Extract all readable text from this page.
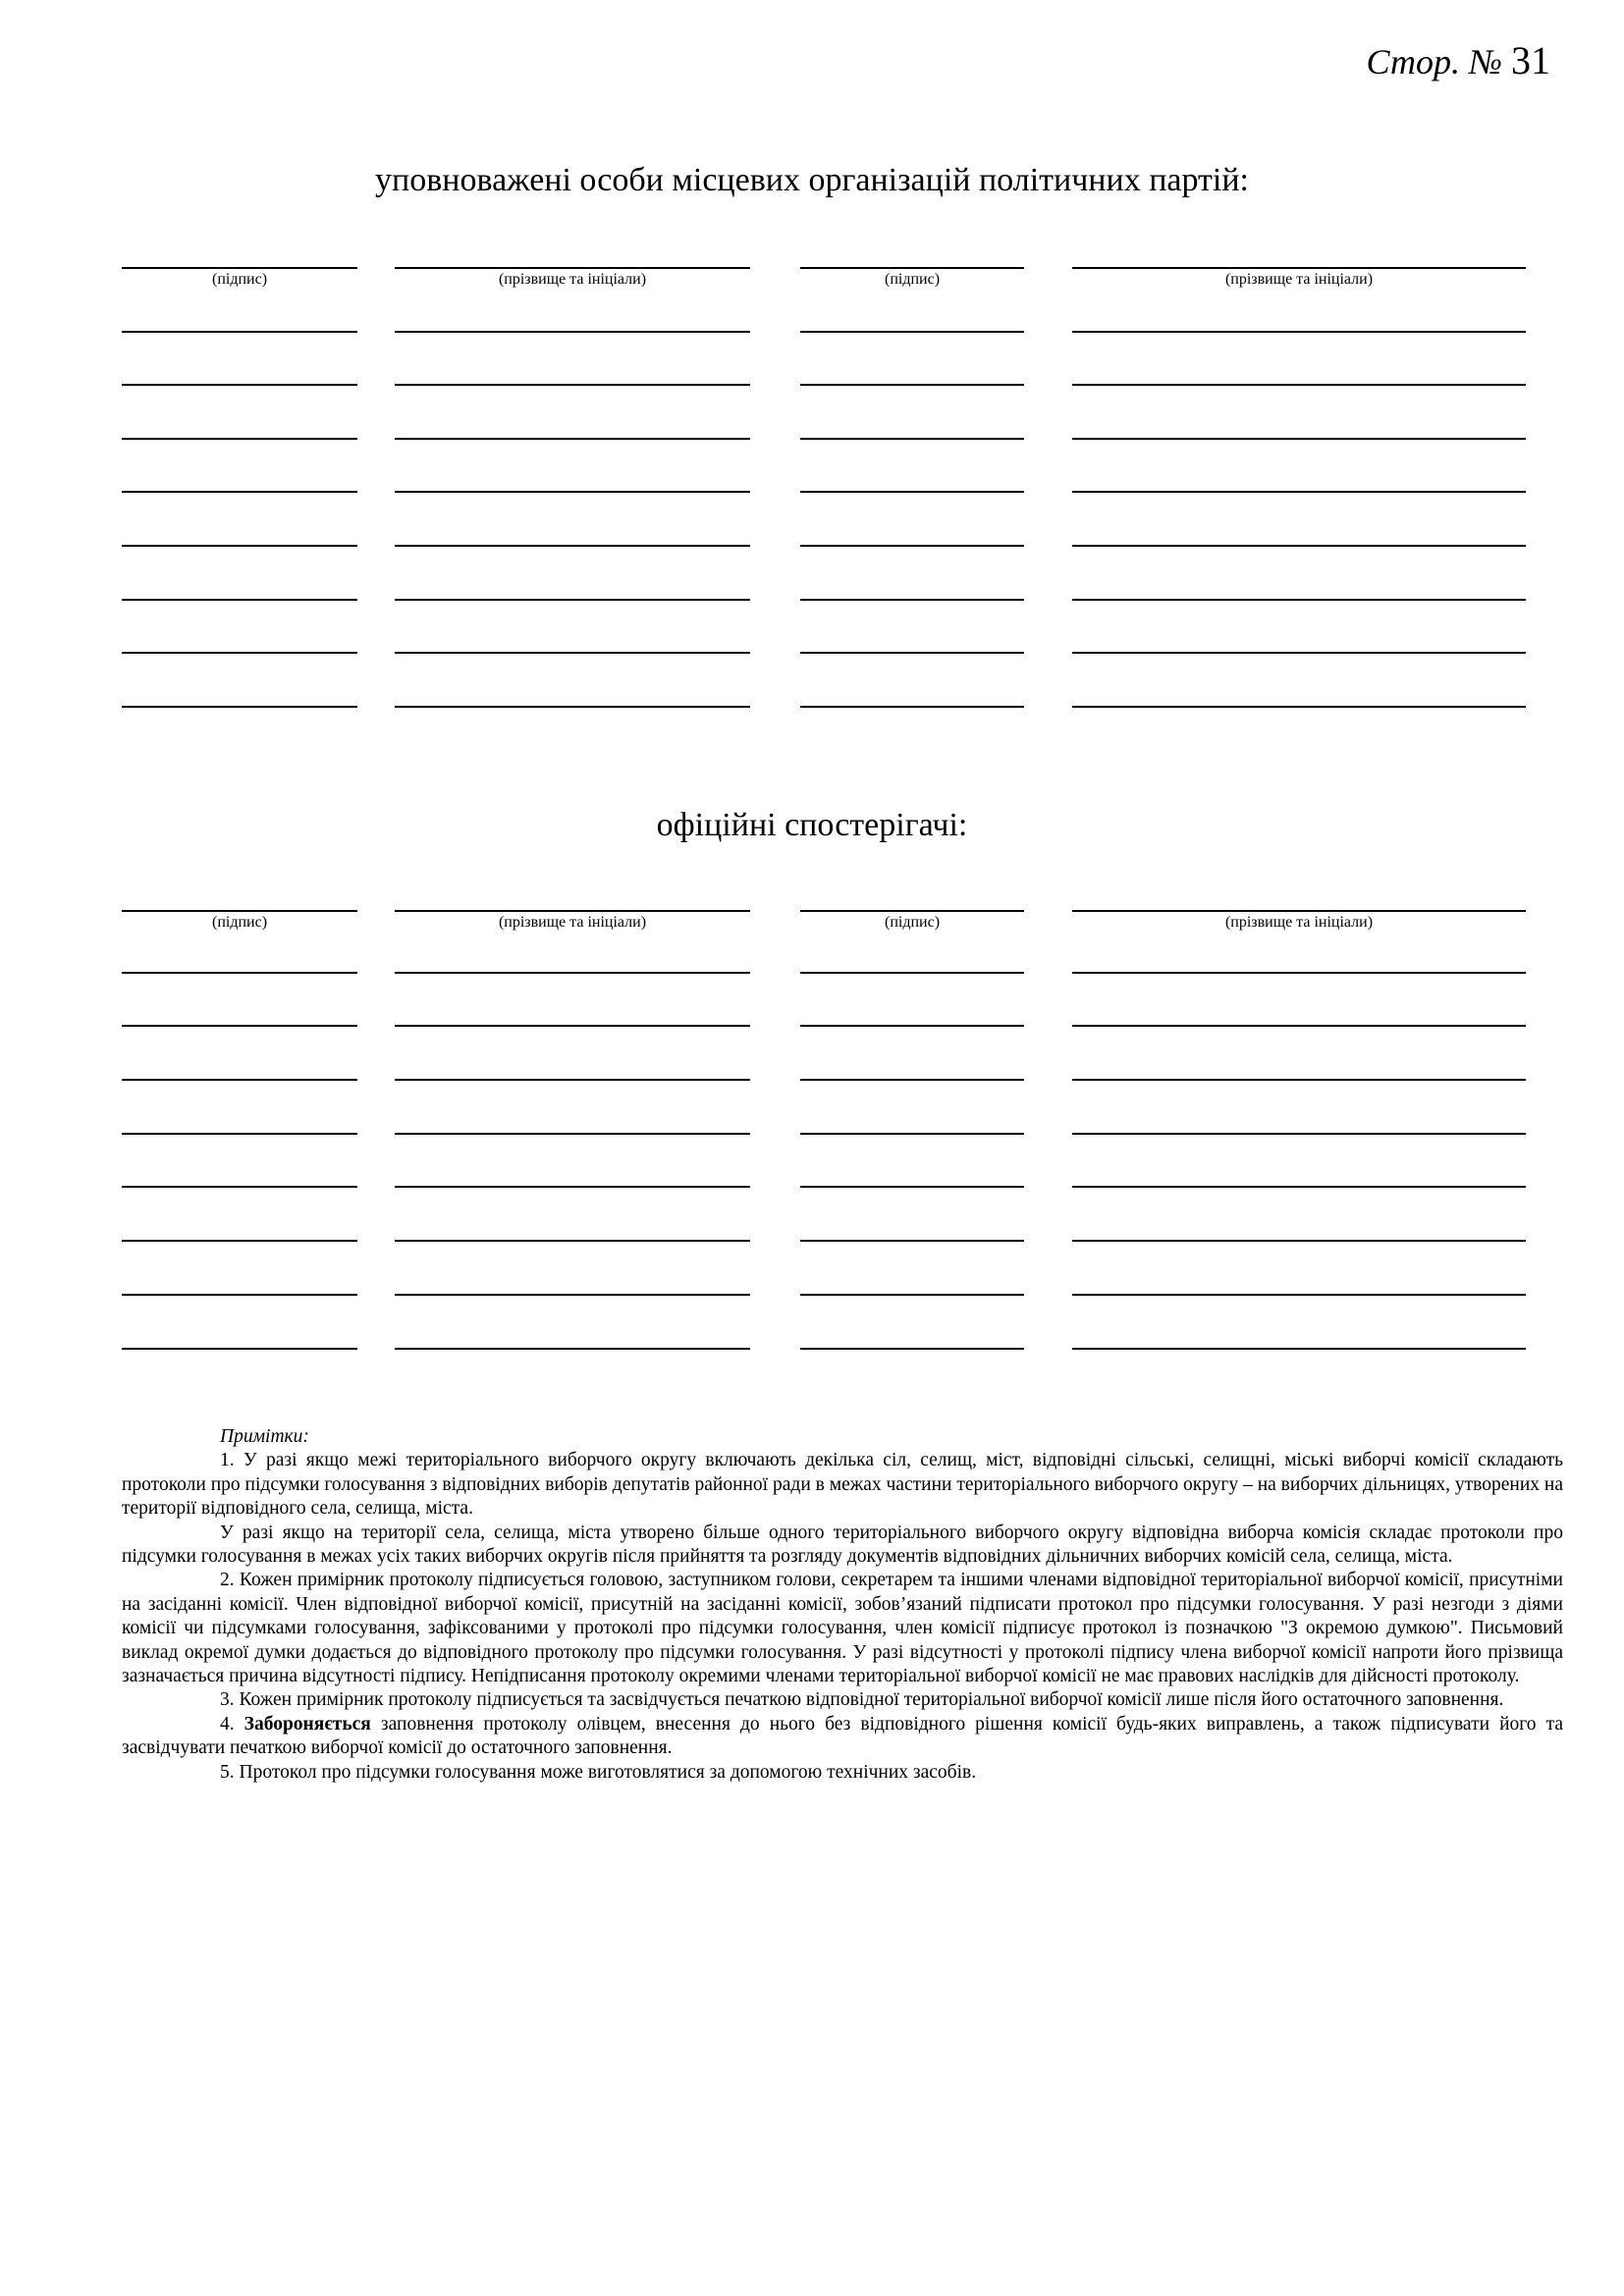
Стор. № 31
уповноважені особи місцевих організацій політичних партій:
(підпис)	(прізвище та ініціали)	(підпис)	(прізвище та ініціали)
офіційні спостерігачі:
(підпис)	(прізвище та ініціали)	(підпис)	(прізвище та ініціали)

Примітки:

1. У разі якщо межі територіального виборчого округу включають декілька сіл, селищ, міст, відповідні сільські, селищні, міські виборчі комісії складають протоколи про підсумки голосування з відповідних виборів депутатів районної ради в межах частини територіального виборчого округу – на виборчих дільницях, утворених на території відповідного села, селища, міста.

У разі якщо на території села, селища, міста утворено більше одного територіального виборчого округу відповідна виборча комісія складає протоколи про підсумки голосування в межах усіх таких виборчих округів після прийняття та розгляду документів відповідних дільничних виборчих комісій села, селища, міста.

2. Кожен примірник протоколу підписується головою, заступником голови, секретарем та іншими членами відповідної територіальної виборчої комісії, присутніми на засіданні комісії. Член відповідної виборчої комісії, присутній на засіданні комісії, зобов’язаний підписати протокол про підсумки голосування. У разі незгоди з діями комісії чи підсумками голосування, зафіксованими у протоколі про підсумки голосування, член комісії підписує протокол із позначкою "З окремою думкою". Письмовий виклад окремої думки додається до відповідного протоколу про підсумки голосування. У разі відсутності у протоколі підпису члена виборчої комісії напроти його прізвища зазначається причина відсутності підпису. Непідписання протоколу окремими членами територіальної виборчої комісії не має правових наслідків для дійсності протоколу.

3. Кожен примірник протоколу підписується та засвідчується печаткою відповідної територіальної виборчої комісії лише після його остаточного заповнення.

4. Забороняється заповнення протоколу олівцем, внесення до нього без відповідного рішення комісії будь-яких виправлень, а також підписувати його та засвідчувати печаткою виборчої комісії до остаточного заповнення.

5. Протокол про підсумки голосування може виготовлятися за допомогою технічних засобів.
